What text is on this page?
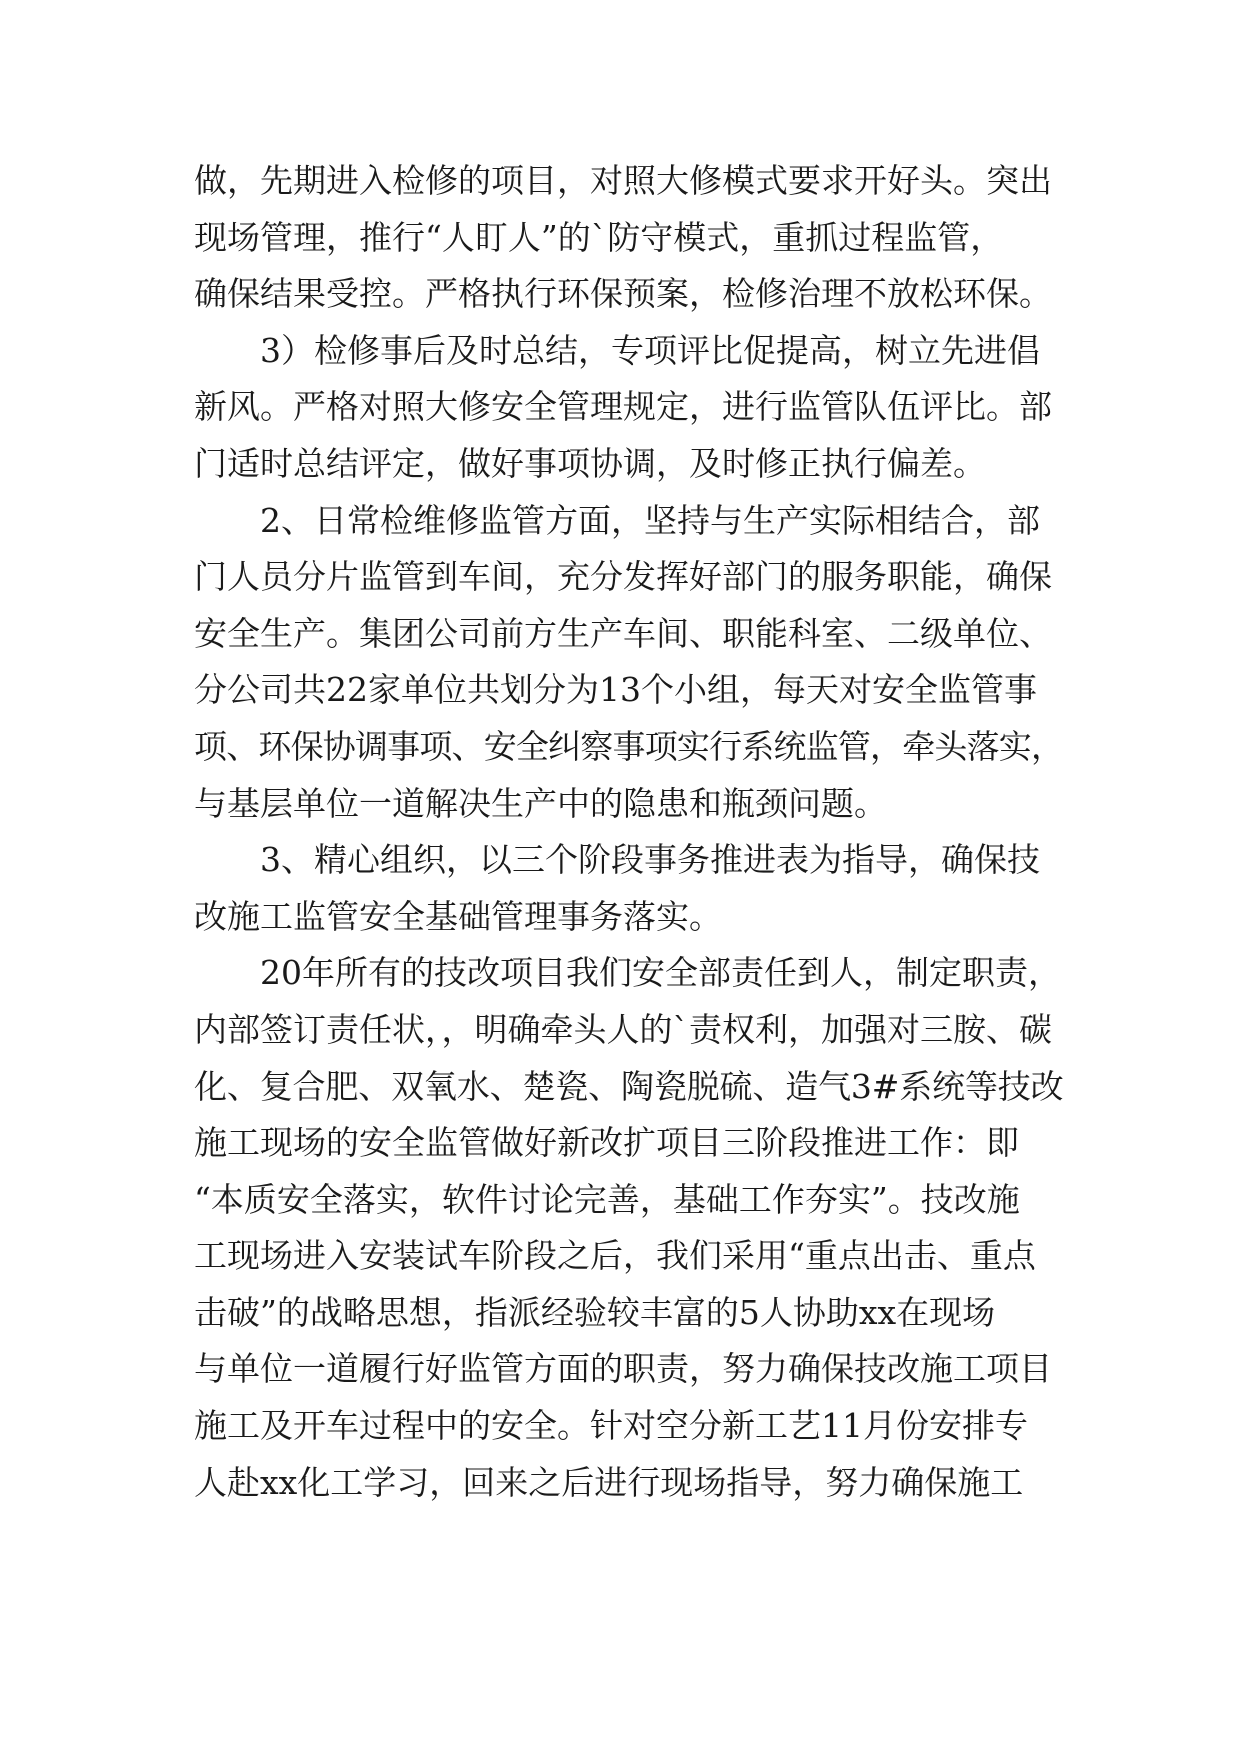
做，先期进入检修的项目，对照大修模式要求开好头。突出
现场管理，推行“人盯人”的`防守模式，重抓过程监管，
确保结果受控。严格执行环保预案，检修治理不放松环保。
3）检修事后及时总结，专项评比促提高，树立先进倡
新风。严格对照大修安全管理规定，进行监管队伍评比。部
门适时总结评定，做好事项协调，及时修正执行偏差。
2、日常检维修监管方面，坚持与生产实际相结合，部
门人员分片监管到车间，充分发挥好部门的服务职能，确保
安全生产。集团公司前方生产车间、职能科室、二级单位、
分公司共22家单位共划分为13个小组，每天对安全监管事
项、环保协调事项、安全纠察事项实行系统监管，牵头落实，
与基层单位一道解决生产中的隐患和瓶颈问题。
3、精心组织，以三个阶段事务推进表为指导，确保技
改施工监管安全基础管理事务落实。
20年所有的技改项目我们安全部责任到人，制定职责，
内部签订责任状，，明确牵头人的`责权利，加强对三胺、碳
化、复合肥、双氧水、楚瓷、陶瓷脱硫、造气3#系统等技改
施工现场的安全监管做好新改扩项目三阶段推进工作：即
“本质安全落实，软件讨论完善，基础工作夯实”。技改施
工现场进入安装试车阶段之后，我们采用“重点出击、重点
击破”的战略思想，指派经验较丰富的5人协助xx在现场
与单位一道履行好监管方面的职责，努力确保技改施工项目
施工及开车过程中的安全。针对空分新工艺11月份安排专
人赴xx化工学习，回来之后进行现场指导，努力确保施工
